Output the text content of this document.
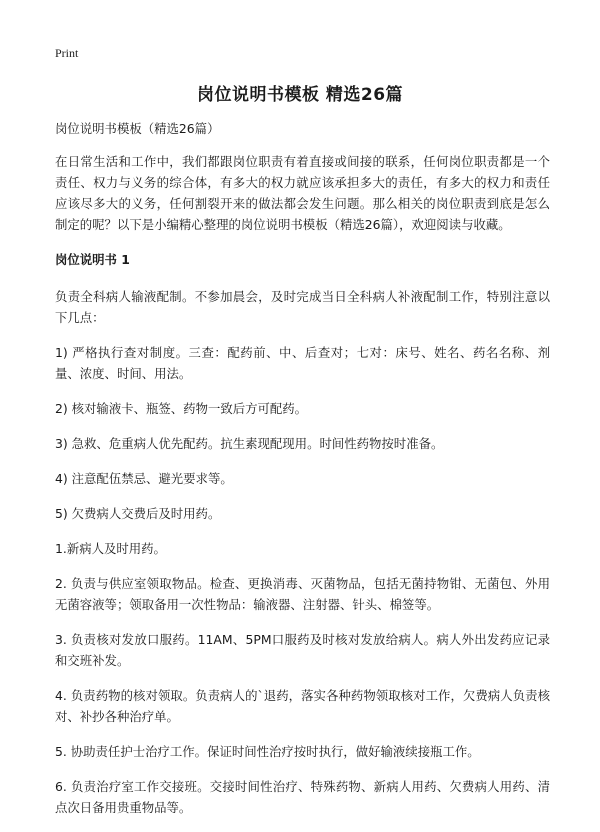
Print
岗位说明书模板 精选26篇

岗位说明书模板（精选26篇）

在日常生活和工作中，我们都跟岗位职责有着直接或间接的联系，任何岗位职责都是一个责任、权力与义务的综合体，有多大的权力就应该承担多大的责任，有多大的权力和责任应该尽多大的义务，任何割裂开来的做法都会发生问题。那么相关的岗位职责到底是怎么制定的呢？以下是小编精心整理的岗位说明书模板（精选26篇），欢迎阅读与收藏。

岗位说明书 1

负责全科病人输液配制。不参加晨会，及时完成当日全科病人补液配制工作，特别注意以下几点：

1) 严格执行查对制度。三查：配药前、中、后查对；七对：床号、姓名、药名名称、剂量、浓度、时间、用法。

2) 核对输液卡、瓶签、药物一致后方可配药。

3) 急救、危重病人优先配药。抗生素现配现用。时间性药物按时准备。

4) 注意配伍禁忌、避光要求等。

5) 欠费病人交费后及时用药。

1.新病人及时用药。

2. 负责与供应室领取物品。检查、更换消毒、灭菌物品，包括无菌持物钳、无菌包、外用无菌容液等；领取备用一次性物品：输液器、注射器、针头、棉签等。

3. 负责核对发放口服药。11AM、5PM口服药及时核对发放给病人。病人外出发药应记录和交班补发。

4. 负责药物的核对领取。负责病人的`退药，落实各种药物领取核对工作，欠费病人负责核对、补抄各种治疗单。

5. 协助责任护士治疗工作。保证时间性治疗按时执行，做好输液续接瓶工作。

6. 负责治疗室工作交接班。交接时间性治疗、特殊药物、新病人用药、欠费病人用药、清点次日备用贵重物品等。
